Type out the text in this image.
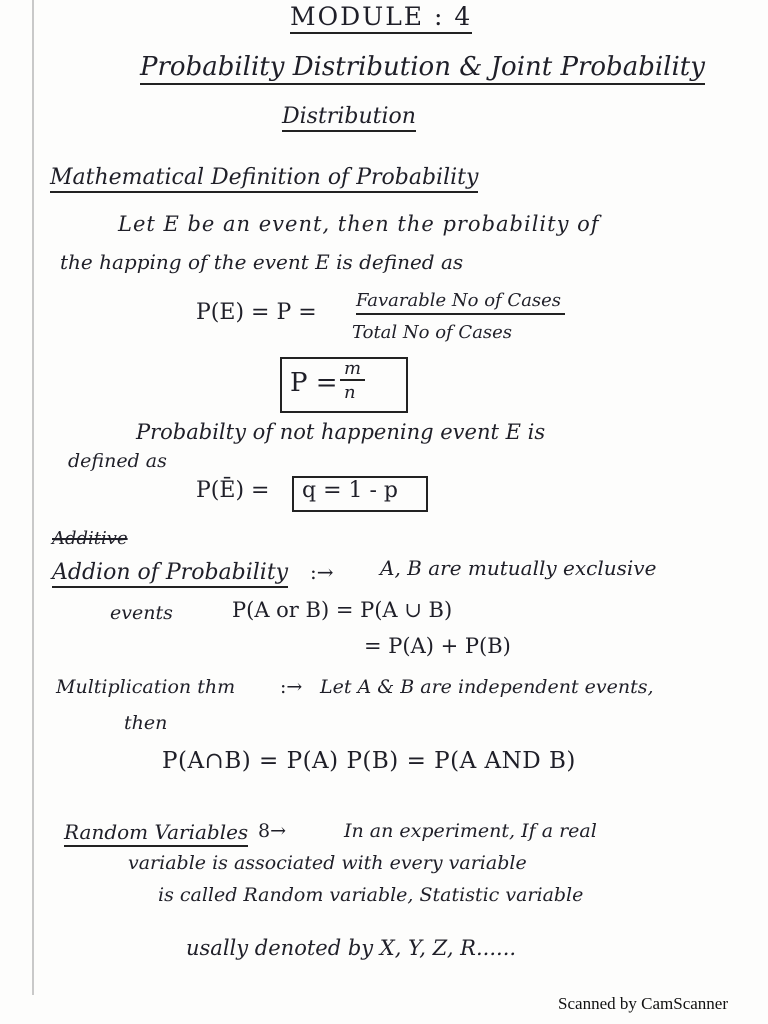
MODULE : 4
Probability Distribution & Joint Probability
Distribution
Mathematical Definition of Probability
Let E be an event, then the probability of
the happing of the event E is defined as
P(E) = P = Favarable No of Cases
Total No of Cases
P = m
n
Probabilty of not happening event E is
defined as
P(Ē) = q = 1 - p
Additive
Addion of Probability :→ A, B are mutually exclusive
events	P(A or B) = P(A ∪ B)
= P(A) + P(B)
Multiplication thm :→ Let A & B are independent events,
then
P(A∩B) = P(A) P(B) = P(A AND B)
Random Variables 8→	In an experiment, If a real
variable is associated with every variable
is called Random variable, Statistic variable
usally denoted by X, Y, Z, R......
Scanned by CamScanner
